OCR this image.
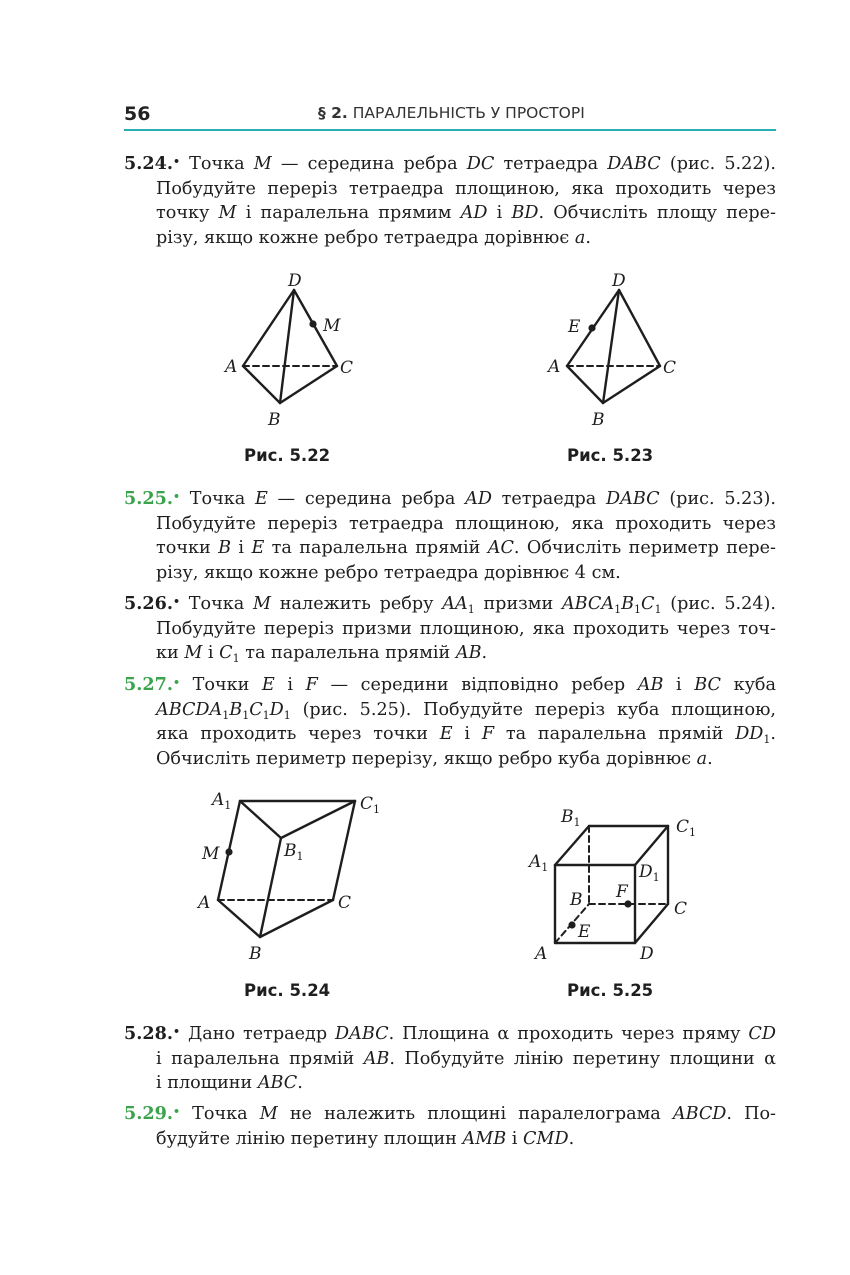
56	§ 2. ПАРАЛЕЛЬНІСТЬ У ПРОСТОРІ
5.24.• Точка M — середина ребра DC тетраедра DABC (рис. 5.22).
Побудуйте переріз тетраедра площиною, яка проходить через
точку M і паралельна прямим AD і BD. Обчисліть площу пере-
різу, якщо кожне ребро тетраедра дорівнює a.
D
M
A	C
B
Рис. 5.22
D
E
A	C
B
Рис. 5.23
5.25.• Точка E — середина ребра AD тетраедра DABC (рис. 5.23).
Побудуйте переріз тетраедра площиною, яка проходить через
точки B і E та паралельна прямій AC. Обчисліть периметр пере-
різу, якщо кожне ребро тетраедра дорівнює 4 см.
5.26.• Точка M належить ребру $AA_1$ призми $ABCA_1B_1C_1$ (рис. 5.24).
Побудуйте переріз призми площиною, яка проходить через точ-
ки M і $C_1$ та паралельна прямій AB.
5.27.• Точки E і F — середини відповідно ребер AB і BC куба
$ABCDA_1B_1C_1D_1$ (рис. 5.25). Побудуйте переріз куба площиною,
яка проходить через точки E і F та паралельна прямій $DD_1$.
Обчисліть периметр перерізу, якщо ребро куба дорівнює a.
$A_1$	$C_1$
M	$B_1$
A	C
B
Рис. 5.24
$B_1$	$C_1$
$A_1$	$D_1$
B F
C
E
A	D
Рис. 5.25
5.28.• Дано тетраедр DABC. Площина α проходить через пряму CD
і паралельна прямій AB. Побудуйте лінію перетину площини α
і площини ABC.
5.29.• Точка M не належить площині паралелограма ABCD. По-
будуйте лінію перетину площин AMB і CMD.
